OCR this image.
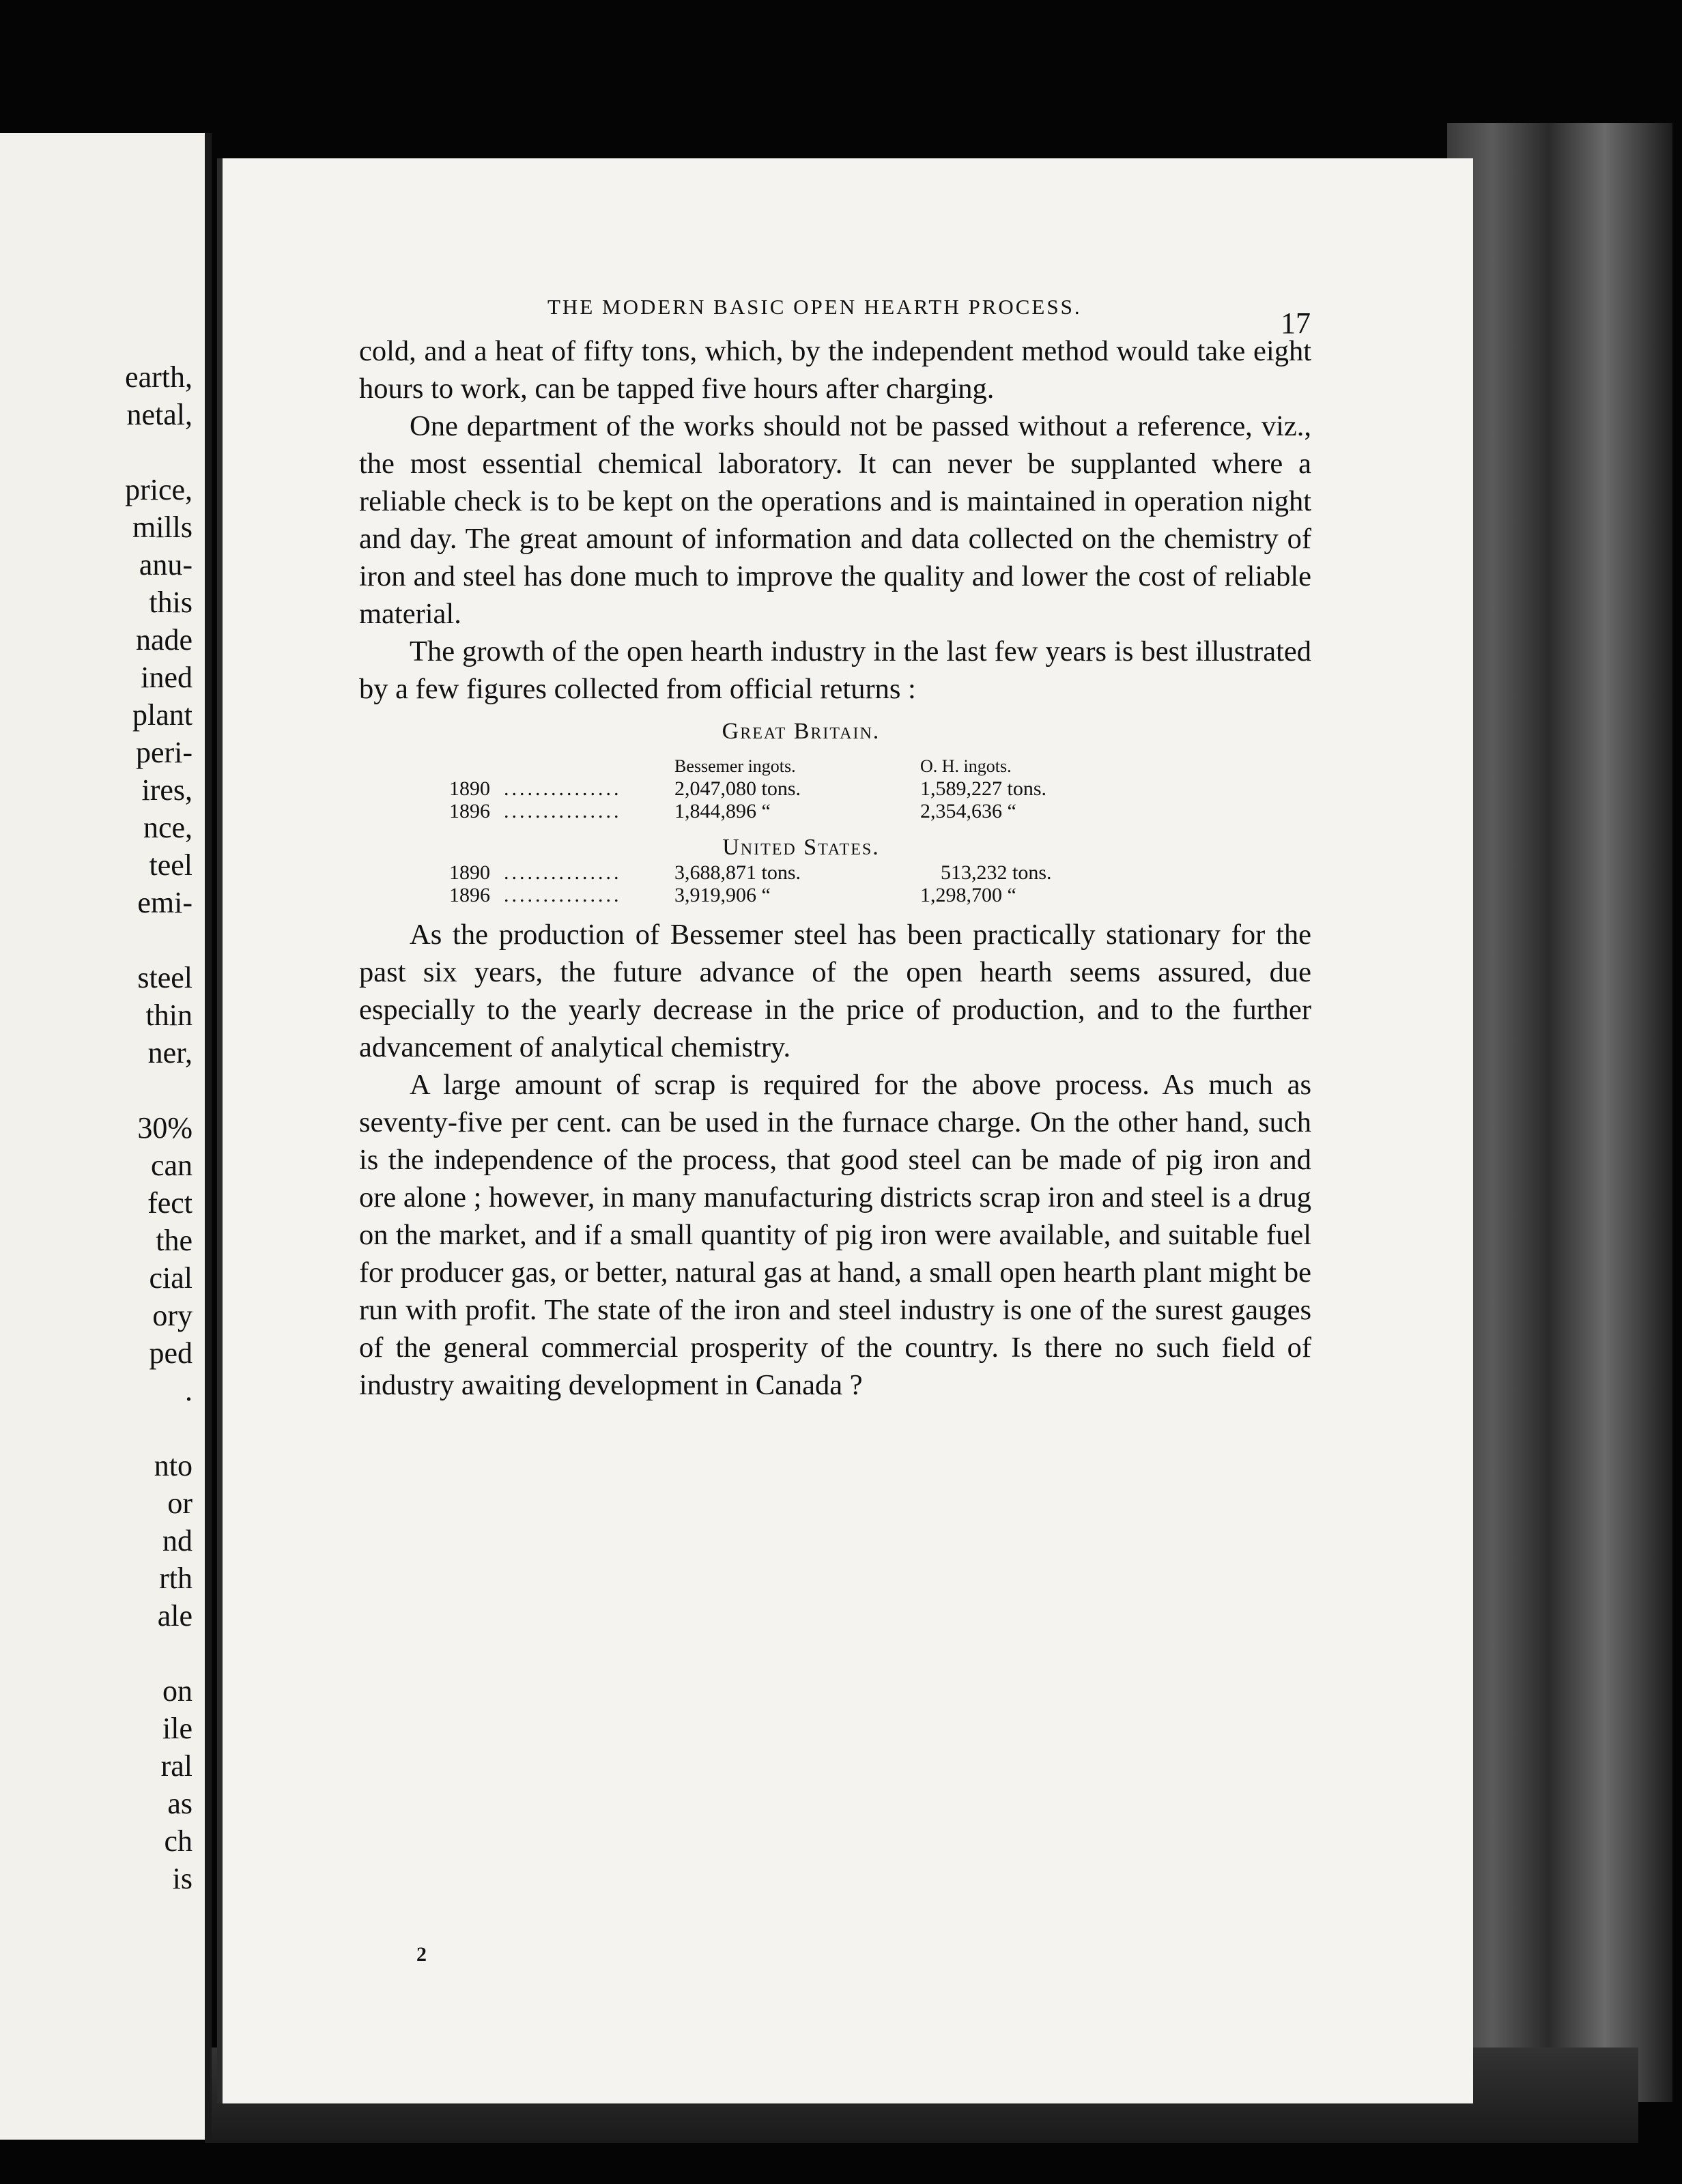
earth,
netal,

price,
mills
anu-
this
nade
ined
plant
peri-
ires,
nce,
teel
emi-

steel
thin
ner,

30%
can
fect
the
cial
ory
ped
.

nto
or
nd
rth
ale

on
ile
ral
as
ch
is
THE MODERN BASIC OPEN HEARTH PROCESS.	17

cold, and a heat of fifty tons, which, by the independent method would take eight hours to work, can be tapped five hours after charging.

One department of the works should not be passed without a reference, viz., the most essential chemical laboratory. It can never be supplanted where a reliable check is to be kept on the operations and is maintained in operation night and day. The great amount of information and data collected on the chemistry of iron and steel has done much to improve the quality and lower the cost of reliable material.

The growth of the open hearth industry in the last few years is best illustrated by a few figures collected from official returns :

Great Britain.
Bessemer ingots.	O. H. ingots.
1890 ...............	2,047,080 tons.	1,589,227 tons.
1896 ...............	1,844,896 “	2,354,636 “
United States.
1890 ...............	3,688,871 tons.	513,232 tons.
1896 ...............	3,919,906 “	1,298,700 “

As the production of Bessemer steel has been practically stationary for the past six years, the future advance of the open hearth seems assured, due especially to the yearly decrease in the price of production, and to the further advancement of analytical chemistry.

A large amount of scrap is required for the above process. As much as seventy-five per cent. can be used in the furnace charge. On the other hand, such is the independence of the process, that good steel can be made of pig iron and ore alone ; however, in many manufacturing districts scrap iron and steel is a drug on the market, and if a small quantity of pig iron were available, and suitable fuel for producer gas, or better, natural gas at hand, a small open hearth plant might be run with profit. The state of the iron and steel industry is one of the surest gauges of the general commercial prosperity of the country. Is there no such field of industry awaiting development in Canada ?

2
